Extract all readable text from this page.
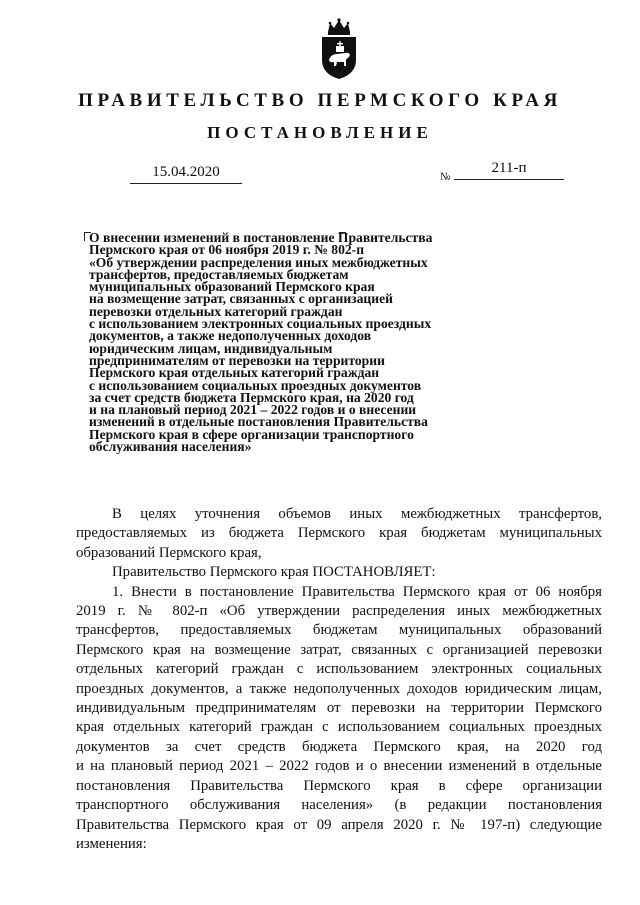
ПРАВИТЕЛЬСТВО ПЕРМСКОГО КРАЯ
ПОСТАНОВЛЕНИЕ
15.04.2020	№
211-п
О внесении изменений в постановление Правительства
Пермского края от 06 ноября 2019 г. № 802-п
«Об утверждении распределения иных межбюджетных
трансфертов, предоставляемых бюджетам
муниципальных образований Пермского края
на возмещение затрат, связанных с организацией
перевозки отдельных категорий граждан
с использованием электронных социальных проездных
документов, а также недополученных доходов
юридическим лицам, индивидуальным
предпринимателям от перевозки на территории
Пермского края отдельных категорий граждан
с использованием социальных проездных документов
за счет средств бюджета Пермского края, на 2020 год
и на плановый период 2021 – 2022 годов и о внесении
изменений в отдельные постановления Правительства
Пермского края в сфере организации транспортного
обслуживания населения»
В целях уточнения объемов иных межбюджетных трансфертов,
предоставляемых из бюджета Пермского края бюджетам муниципальных
образований Пермского края,
Правительство Пермского края ПОСТАНОВЛЯЕТ:
1. Внести в постановление Правительства Пермского края от 06 ноября
2019 г. № 802-п «Об утверждении распределения иных межбюджетных
трансфертов, предоставляемых бюджетам муниципальных образований
Пермского края на возмещение затрат, связанных с организацией перевозки
отдельных категорий граждан с использованием электронных социальных
проездных документов, а также недополученных доходов юридическим лицам,
индивидуальным предпринимателям от перевозки на территории Пермского
края отдельных категорий граждан с использованием социальных проездных
документов за счет средств бюджета Пермского края, на 2020 год
и на плановый период 2021 – 2022 годов и о внесении изменений в отдельные
постановления Правительства Пермского края в сфере организации
транспортного обслуживания населения» (в редакции постановления
Правительства Пермского края от 09 апреля 2020 г. № 197-п) следующие
изменения:
